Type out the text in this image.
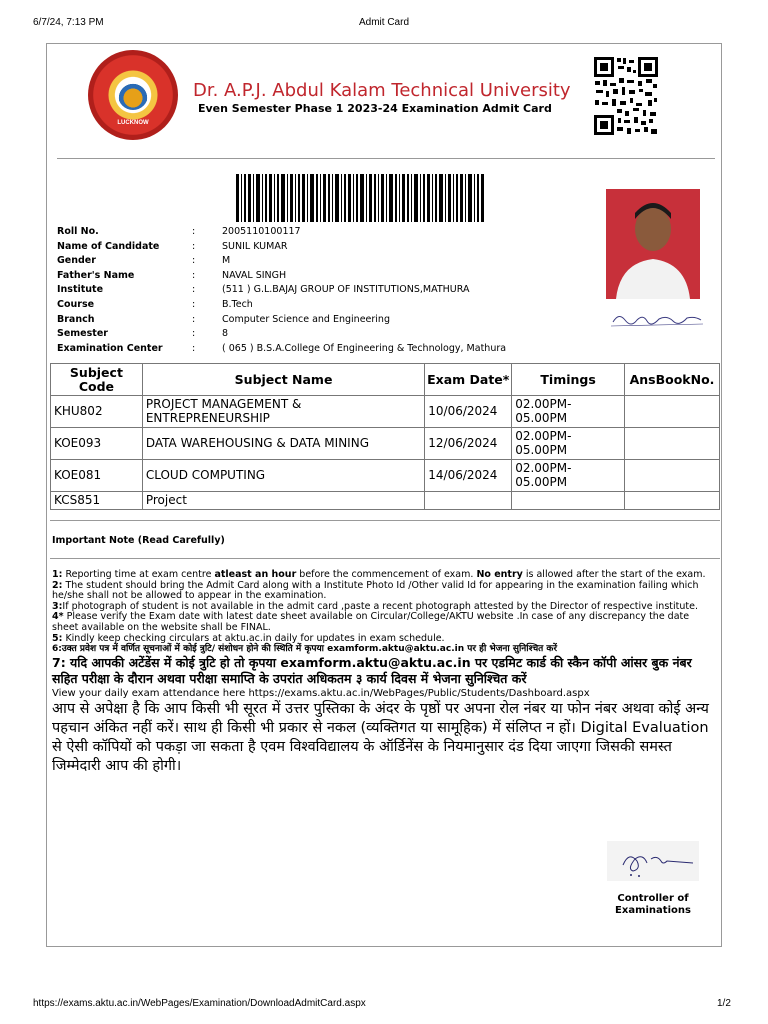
6/7/24, 7:13 PM	Admit Card
LUCKNOW
Dr. A.P.J. Abdul Kalam Technical University
Even Semester Phase 1 2023-24 Examination Admit Card
Roll No.	:	2005110100117
Name of Candidate	:	SUNIL KUMAR
Gender	:	M
Father's Name	:	NAVAL SINGH
Institute	:	(511 ) G.L.BAJAJ GROUP OF INSTITUTIONS,MATHURA
Course	:	B.Tech
Branch	:	Computer Science and Engineering
Semester	:	8
Examination Center	:	( 065 ) B.S.A.College Of Engineering & Technology, Mathura
Subject Code	Subject Name	Exam Date*	Timings	AnsBookNo.
KHU802	PROJECT MANAGEMENT & ENTREPRENEURSHIP	10/06/2024	02.00PM-05.00PM	
KOE093	DATA WAREHOUSING & DATA MINING	12/06/2024	02.00PM-05.00PM	
KOE081	CLOUD COMPUTING	14/06/2024	02.00PM-05.00PM	
KCS851	Project			
Important Note (Read Carefully)

1: Reporting time at exam centre atleast an hour before the commencement of exam. No entry is allowed after the start of the exam.

2: The student should bring the Admit Card along with a Institute Photo Id /Other valid Id for appearing in the examination failing which he/she shall not be allowed to appear in the examination.

3:If photograph of student is not available in the admit card ,paste a recent photograph attested by the Director of respective institute.

4* Please verify the Exam date with latest date sheet available on Circular/College/AKTU website .In case of any discrepancy the date sheet available on the website shall be FINAL.

5: Kindly keep checking circulars at aktu.ac.in daily for updates in exam schedule.

6:उक्त प्रवेश पत्र में वर्णित सूचनाओं में कोई त्रुटि/ संशोधन होने की स्थिति में कृपया examform.aktu@aktu.ac.in पर ही भेजना सुनिश्चित करें

7: यदि आपकी अटेंडेंस में कोई त्रुटि हो तो कृपया examform.aktu@aktu.ac.in पर एडमिट कार्ड की स्कैन कॉपी आंसर बुक नंबर सहित परीक्षा के दौरान अथवा परीक्षा समाप्ति के उपरांत अधिकतम ३ कार्य दिवस में भेजना सुनिश्चित करें

View your daily exam attendance here https://exams.aktu.ac.in/WebPages/Public/Students/Dashboard.aspx

आप से अपेक्षा है कि आप किसी भी सूरत में उत्तर पुस्तिका के अंदर के पृष्ठों पर अपना रोल नंबर या फोन नंबर अथवा कोई अन्य पहचान अंकित नहीं करें। साथ ही किसी भी प्रकार से नकल (व्यक्तिगत या सामूहिक) में संलिप्त न हों। Digital Evaluation से ऐसी कॉपियों को पकड़ा जा सकता है एवम विश्वविद्यालय के ऑर्डिनेंस के नियमानुसार दंड दिया जाएगा जिसकी समस्त जिम्मेदारी आप की होगी।

Controller of
Examinations
https://exams.aktu.ac.in/WebPages/Examination/DownloadAdmitCard.aspx	1/2
